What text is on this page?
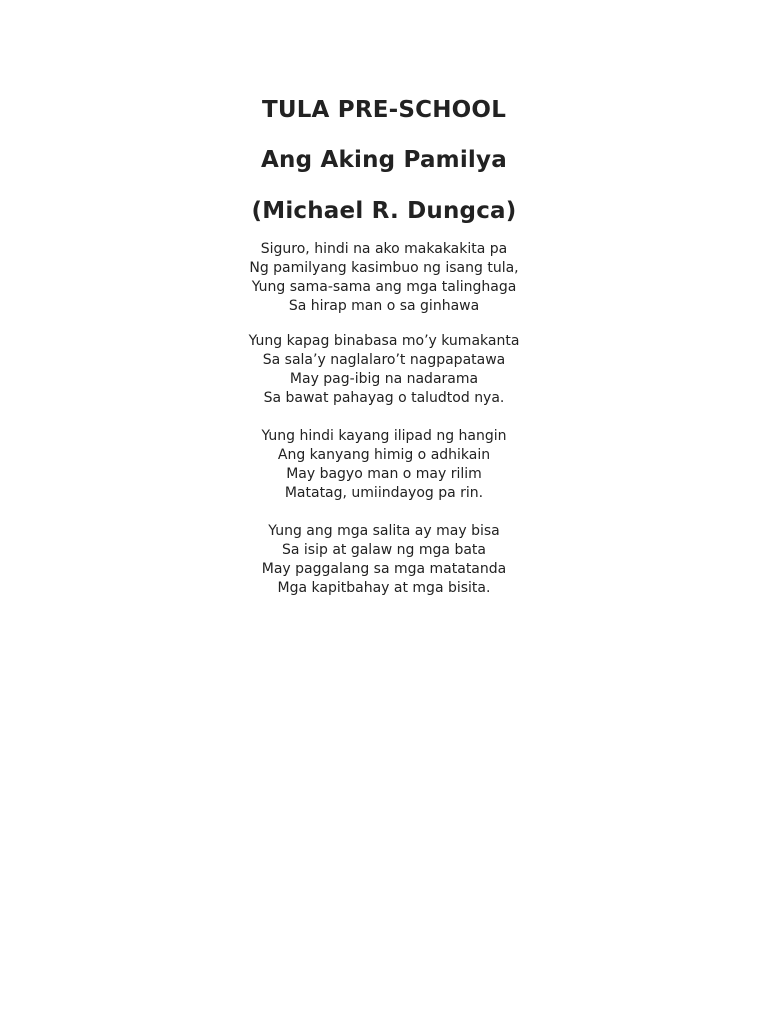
TULA PRE-SCHOOL
Ang Aking Pamilya
(Michael R. Dungca)
Siguro, hindi na ako makakakita pa
Ng pamilyang kasimbuo ng isang tula,
Yung sama-sama ang mga talinghaga
Sa hirap man o sa ginhawa
Yung kapag binabasa mo’y kumakanta
Sa sala’y naglalaro’t nagpapatawa
May pag-ibig na nadarama
Sa bawat pahayag o taludtod nya.
Yung hindi kayang ilipad ng hangin
Ang kanyang himig o adhikain
May bagyo man o may rilim
Matatag, umiindayog pa rin.
Yung ang mga salita ay may bisa
Sa isip at galaw ng mga bata
May paggalang sa mga matatanda
Mga kapitbahay at mga bisita.
